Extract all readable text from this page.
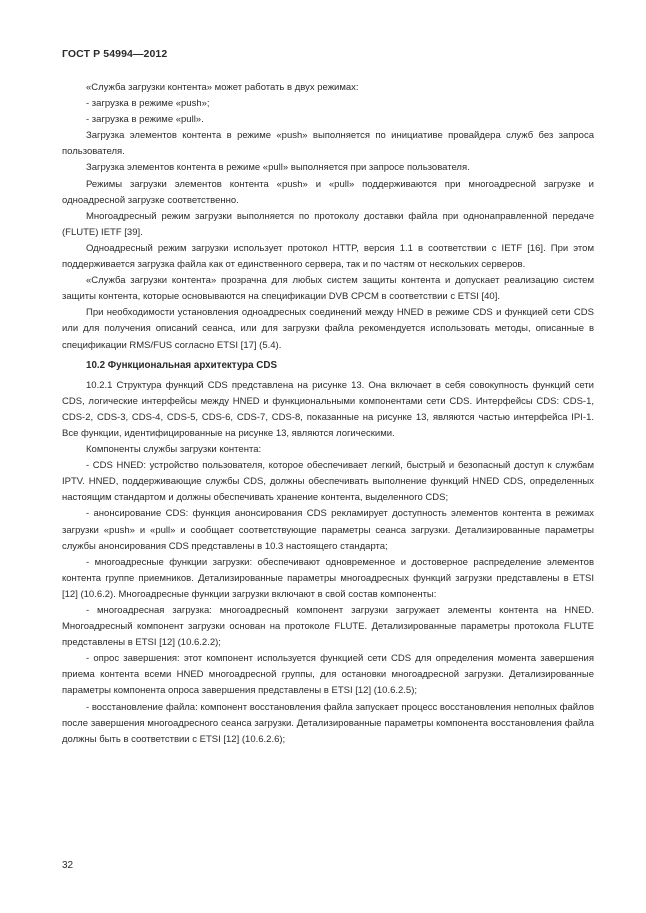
ГОСТ Р 54994—2012

«Служба загрузки контента» может работать в двух режимах:

- загрузка в режиме «push»;

- загрузка в режиме «pull».

Загрузка элементов контента в режиме «push» выполняется по инициативе провайдера служб без запроса пользователя.

Загрузка элементов контента в режиме «pull» выполняется при запросе пользователя.

Режимы загрузки элементов контента «push» и «pull» поддерживаются при многоадресной загрузке и одноадресной загрузке соответственно.

Многоадресный режим загрузки выполняется по протоколу доставки файла при однонаправленной передаче (FLUTE) IETF [39].

Одноадресный режим загрузки использует протокол HTTP, версия 1.1 в соответствии с IETF [16]. При этом поддерживается загрузка файла как от единственного сервера, так и по частям от нескольких серверов.

«Служба загрузки контента» прозрачна для любых систем защиты контента и допускает реализацию систем защиты контента, которые основываются на спецификации DVB CPCM в соответствии с ETSI [40].

При необходимости установления одноадресных соединений между HNED в режиме CDS и функцией сети CDS или для получения описаний сеанса, или для загрузки файла рекомендуется использовать методы, описанные в спецификации RMS/FUS согласно ETSI [17] (5.4).

10.2 Функциональная архитектура CDS

10.2.1 Структура функций CDS представлена на рисунке 13. Она включает в себя совокупность функций сети CDS, логические интерфейсы между HNED и функциональными компонентами сети CDS. Интерфейсы CDS: CDS-1, CDS-2, CDS-3, CDS-4, CDS-5, CDS-6, CDS-7, CDS-8, показанные на рисунке 13, являются частью интерфейса IPI-1. Все функции, идентифицированные на рисунке 13, являются логическими.

Компоненты службы загрузки контента:

- CDS HNED: устройство пользователя, которое обеспечивает легкий, быстрый и безопасный доступ к службам IPTV. HNED, поддерживающие службы CDS, должны обеспечивать выполнение функций HNED CDS, определенных настоящим стандартом и должны обеспечивать хранение контента, выделенного CDS;

- анонсирование CDS: функция анонсирования CDS рекламирует доступность элементов контента в режимах загрузки «push» и «pull» и сообщает соответствующие параметры сеанса загрузки. Детализированные параметры службы анонсирования CDS представлены в 10.3 настоящего стандарта;

- многоадресные функции загрузки: обеспечивают одновременное и достоверное распределение элементов контента группе приемников. Детализированные параметры многоадресных функций загрузки представлены в ETSI [12] (10.6.2). Многоадресные функции загрузки включают в свой состав компоненты:

- многоадресная загрузка: многоадресный компонент загрузки загружает элементы контента на HNED. Многоадресный компонент загрузки основан на протоколе FLUTE. Детализированные параметры протокола FLUTE представлены в ETSI [12] (10.6.2.2);

- опрос завершения: этот компонент используется функцией сети CDS для определения момента завершения приема контента всеми HNED многоадресной группы, для остановки многоадресной загрузки. Детализированные параметры компонента опроса завершения представлены в ETSI [12] (10.6.2.5);

- восстановление файла: компонент восстановления файла запускает процесс восстановления неполных файлов после завершения многоадресного сеанса загрузки. Детализированные параметры компонента восстановления файла должны быть в соответствии с ETSI [12] (10.6.2.6);

32
